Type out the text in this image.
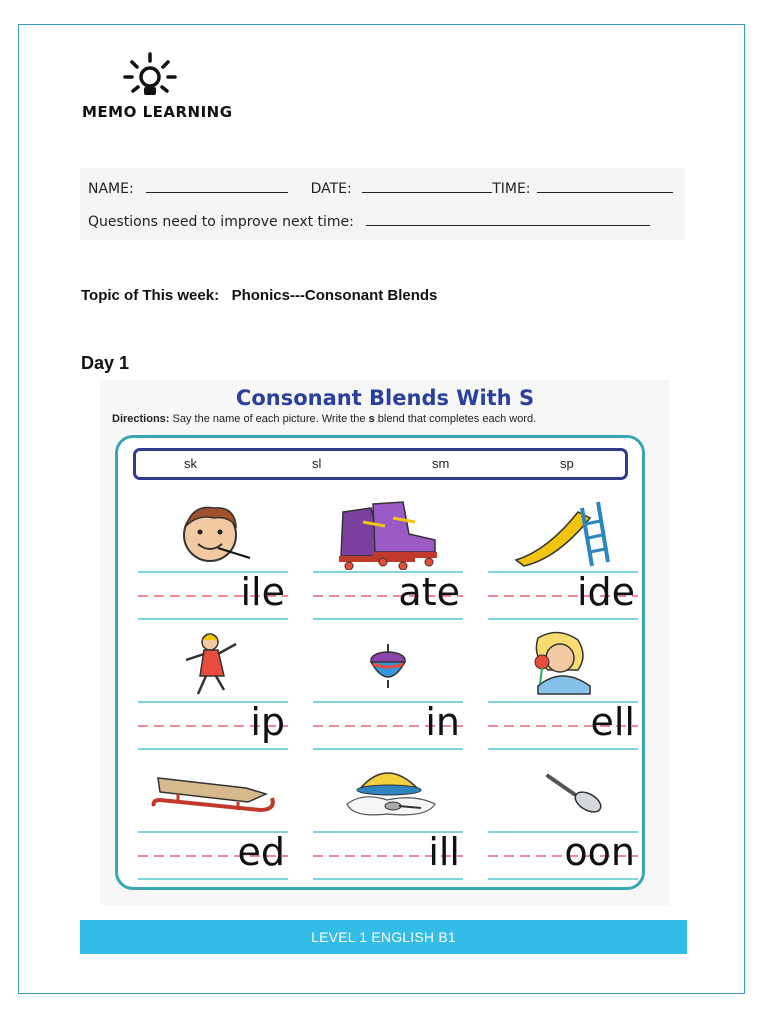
MEMO LEARNING
NAME:	DATE:	TIME:
Questions need to improve next time:
Topic of This week:   Phonics---Consonant Blends
Day 1
Consonant Blends With S
Directions: Say the name of each picture. Write the s blend that completes each word.
sk	sl	sm	sp
ile	ate	ide
ip	in	ell
ed	ill	oon
LEVEL 1 ENGLISH B1
